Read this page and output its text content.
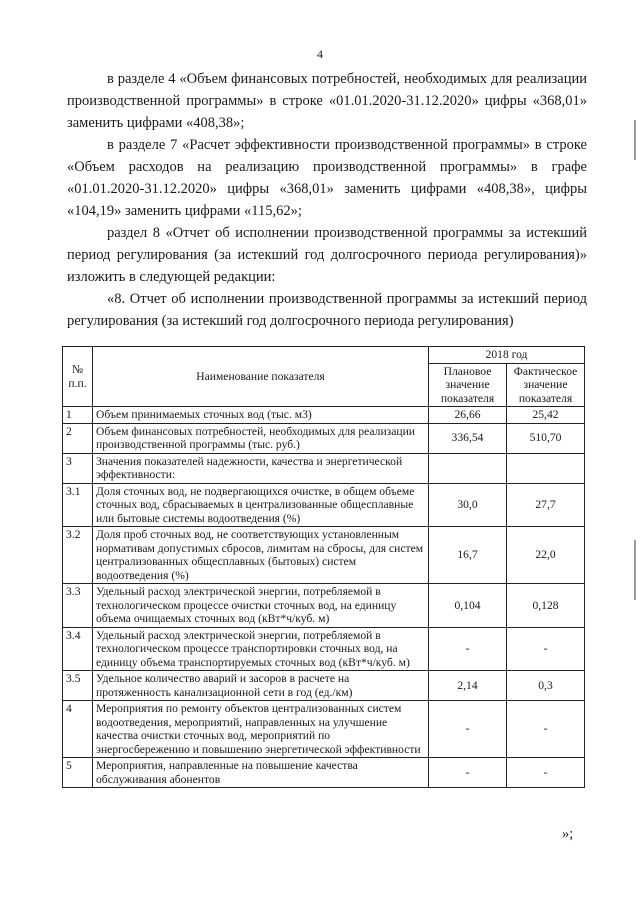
4

в разделе 4 «Объем финансовых потребностей, необходимых для реализации производственной программы» в строке «01.01.2020-31.12.2020» цифры «368,01» заменить цифрами «408,38»;

в разделе 7 «Расчет эффективности производственной программы» в строке «Объем расходов на реализацию производственной программы» в графе «01.01.2020-31.12.2020» цифры «368,01» заменить цифрами «408,38», цифры «104,19» заменить цифрами «115,62»;

раздел 8 «Отчет об исполнении производственной программы за истекший период регулирования (за истекший год долгосрочного периода регулирования)» изложить в следующей редакции:

«8. Отчет об исполнении производственной программы за истекший период регулирования (за истекший год долгосрочного периода регулирования)

№ п.п.	Наименование показателя	2018 год	
		Плановое значение показателя	Фактическое значение показателя
1	Объем принимаемых сточных вод (тыс. м3)	26,66	25,42
2	Объем финансовых потребностей, необходимых для реализации производственной программы (тыс. руб.)	336,54	510,70
3	Значения показателей надежности, качества и энергетической эффективности:		
3.1	Доля сточных вод, не подвергающихся очистке, в общем объеме сточных вод, сбрасываемых в централизованные общесплавные или бытовые системы водоотведения (%)	30,0	27,7
3.2	Доля проб сточных вод, не соответствующих установленным нормативам допустимых сбросов, лимитам на сбросы, для систем централизованных общесплавных (бытовых) систем водоотведения (%)	16,7	22,0
3.3	Удельный расход электрической энергии, потребляемой в технологическом процессе очистки сточных вод, на единицу объема очищаемых сточных вод (кВт*ч/куб. м)	0,104	0,128
3.4	Удельный расход электрической энергии, потребляемой в технологическом процессе транспортировки сточных вод, на единицу объема транспортируемых сточных вод (кВт*ч/куб. м)	-	-
3.5	Удельное количество аварий и засоров в расчете на протяженность канализационной сети в год (ед./км)	2,14	0,3
4	Мероприятия по ремонту объектов централизованных систем водоотведения, мероприятий, направленных на улучшение качества очистки сточных вод, мероприятий по энергосбережению и повышению энергетической эффективности	-	-
5	Мероприятия, направленные на повышение качества обслуживания абонентов	-	-
»;
